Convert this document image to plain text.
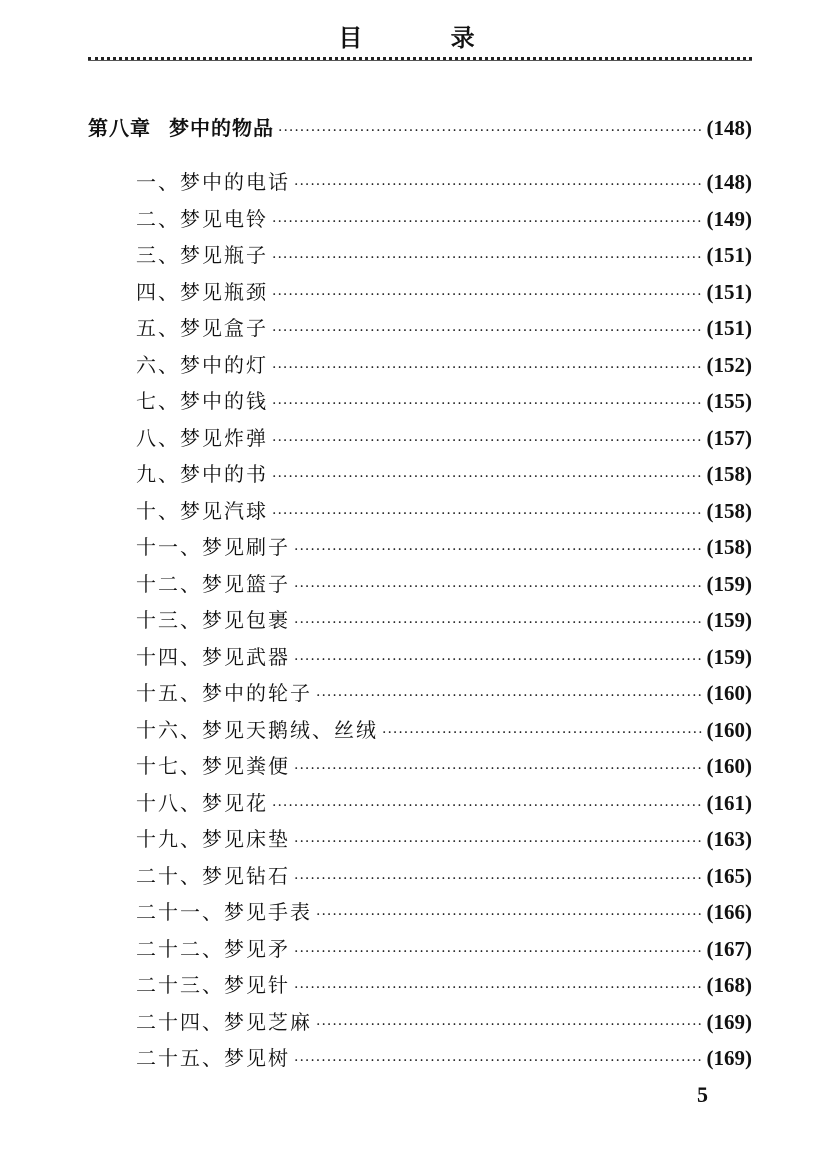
目 录
第八章 梦中的物品 ·····	(148)
一、梦中的电话 ·····	(148)
二、梦见电铃 ·····	(149)
三、梦见瓶子 ·····	(151)
四、梦见瓶颈 ·····	(151)
五、梦见盒子 ·····	(151)
六、梦中的灯 ·····	(152)
七、梦中的钱 ·····	(155)
八、梦见炸弹 ·····	(157)
九、梦中的书 ·····	(158)
十、梦见汽球 ·····	(158)
十一、梦见刷子 ·····	(158)
十二、梦见篮子 ·····	(159)
十三、梦见包裹 ·····	(159)
十四、梦见武器 ·····	(159)
十五、梦中的轮子 ·····	(160)
十六、梦见天鹅绒、丝绒 ·····	(160)
十七、梦见粪便 ·····	(160)
十八、梦见花 ·····	(161)
十九、梦见床垫 ·····	(163)
二十、梦见钻石 ·····	(165)
二十一、梦见手表 ·····	(166)
二十二、梦见矛 ·····	(167)
二十三、梦见针 ·····	(168)
二十四、梦见芝麻 ·····	(169)
二十五、梦见树 ·····	(169)
5
